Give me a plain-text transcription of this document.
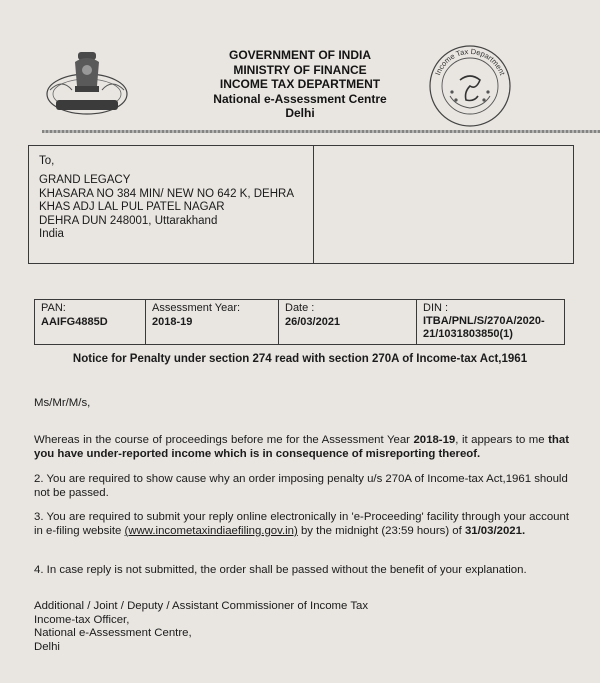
GOVERNMENT OF INDIA
MINISTRY OF FINANCE
INCOME TAX DEPARTMENT
National e-Assessment Centre
Delhi
Income Tax Department
To,
GRAND LEGACY
KHASARA NO 384 MIN/ NEW NO 642 K, DEHRA
KHAS ADJ LAL PUL PATEL NAGAR
DEHRA DUN 248001, Uttarakhand
India
PAN:
AAIFG4885D
Assessment Year:
2018-19
Date :
26/03/2021
DIN :
ITBA/PNL/S/270A/2020-
21/1031803850(1)
Notice for Penalty under section 274 read with section 270A of Income-tax Act,1961
Ms/Mr/M/s,

Whereas in the course of proceedings before me for the Assessment Year 2018-19, it appears to me that you have under-reported income which is in consequence of misreporting thereof.

2. You are required to show cause why an order imposing penalty u/s 270A of Income-tax Act,1961 should not be passed.

3. You are required to submit your reply online electronically in 'e-Proceeding' facility through your account in e-filing website (www.incometaxindiaefiling.gov.in) by the midnight (23:59 hours) of 31/03/2021.

4. In case reply is not submitted, the order shall be passed without the benefit of your explanation.

Additional / Joint / Deputy / Assistant Commissioner of Income Tax
Income-tax Officer,
National e-Assessment Centre,
Delhi
